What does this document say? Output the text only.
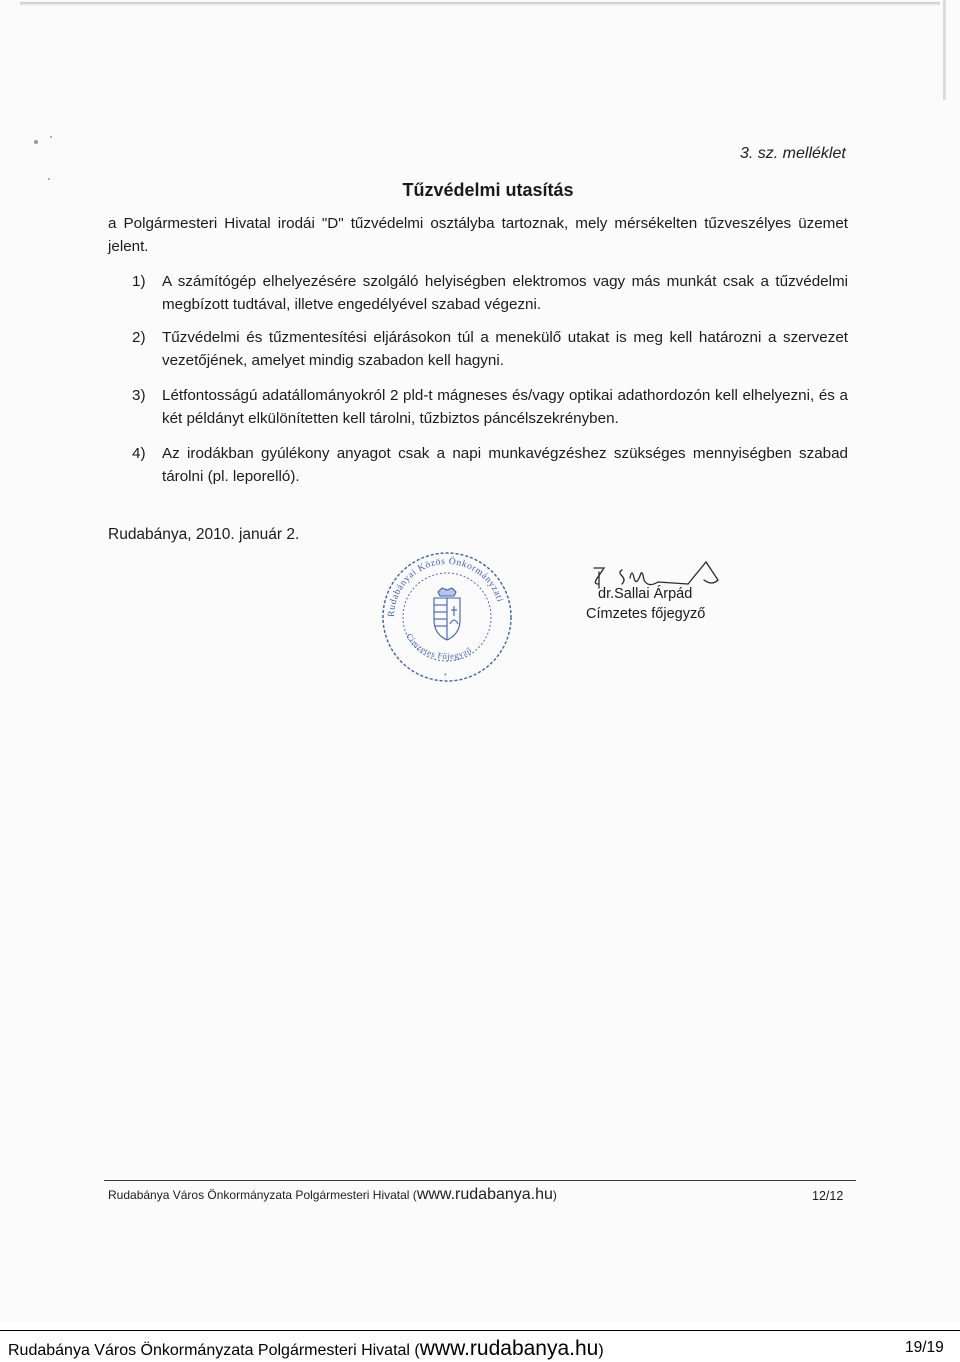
3. sz. melléklet
Tűzvédelmi utasítás
a Polgármesteri Hivatal irodái "D" tűzvédelmi osztályba tartoznak, mely mérsékelten tűzveszélyes üzemet jelent.
1)	A számítógép elhelyezésére szolgáló helyiségben elektromos vagy más munkát csak a tűzvédelmi megbízott tudtával, illetve engedélyével szabad végezni.
2)	Tűzvédelmi és tűzmentesítési eljárásokon túl a menekülő utakat is meg kell határozni a szervezet vezetőjének, amelyet mindig szabadon kell hagyni.
3)	Létfontosságú adatállományokról 2 pld-t mágneses és/vagy optikai adathordozón kell elhelyezni, és a két példányt elkülönítetten kell tárolni, tűzbiztos páncélszekrényben.
4)	Az irodákban gyúlékony anyagot csak a napi munkavégzéshez szükséges mennyiségben szabad tárolni (pl. leporelló).
Rudabánya, 2010. január 2.
Rudabányai Közös Önkormányzati
Címzetes Főjegyző
*
dr.Sallai Árpád
Címzetes főjegyző
Rudabánya Város Önkormányzata Polgármesteri Hivatal (www.rudabanya.hu)	12/12
Rudabánya Város Önkormányzata Polgármesteri Hivatal (www.rudabanya.hu)	19/19
